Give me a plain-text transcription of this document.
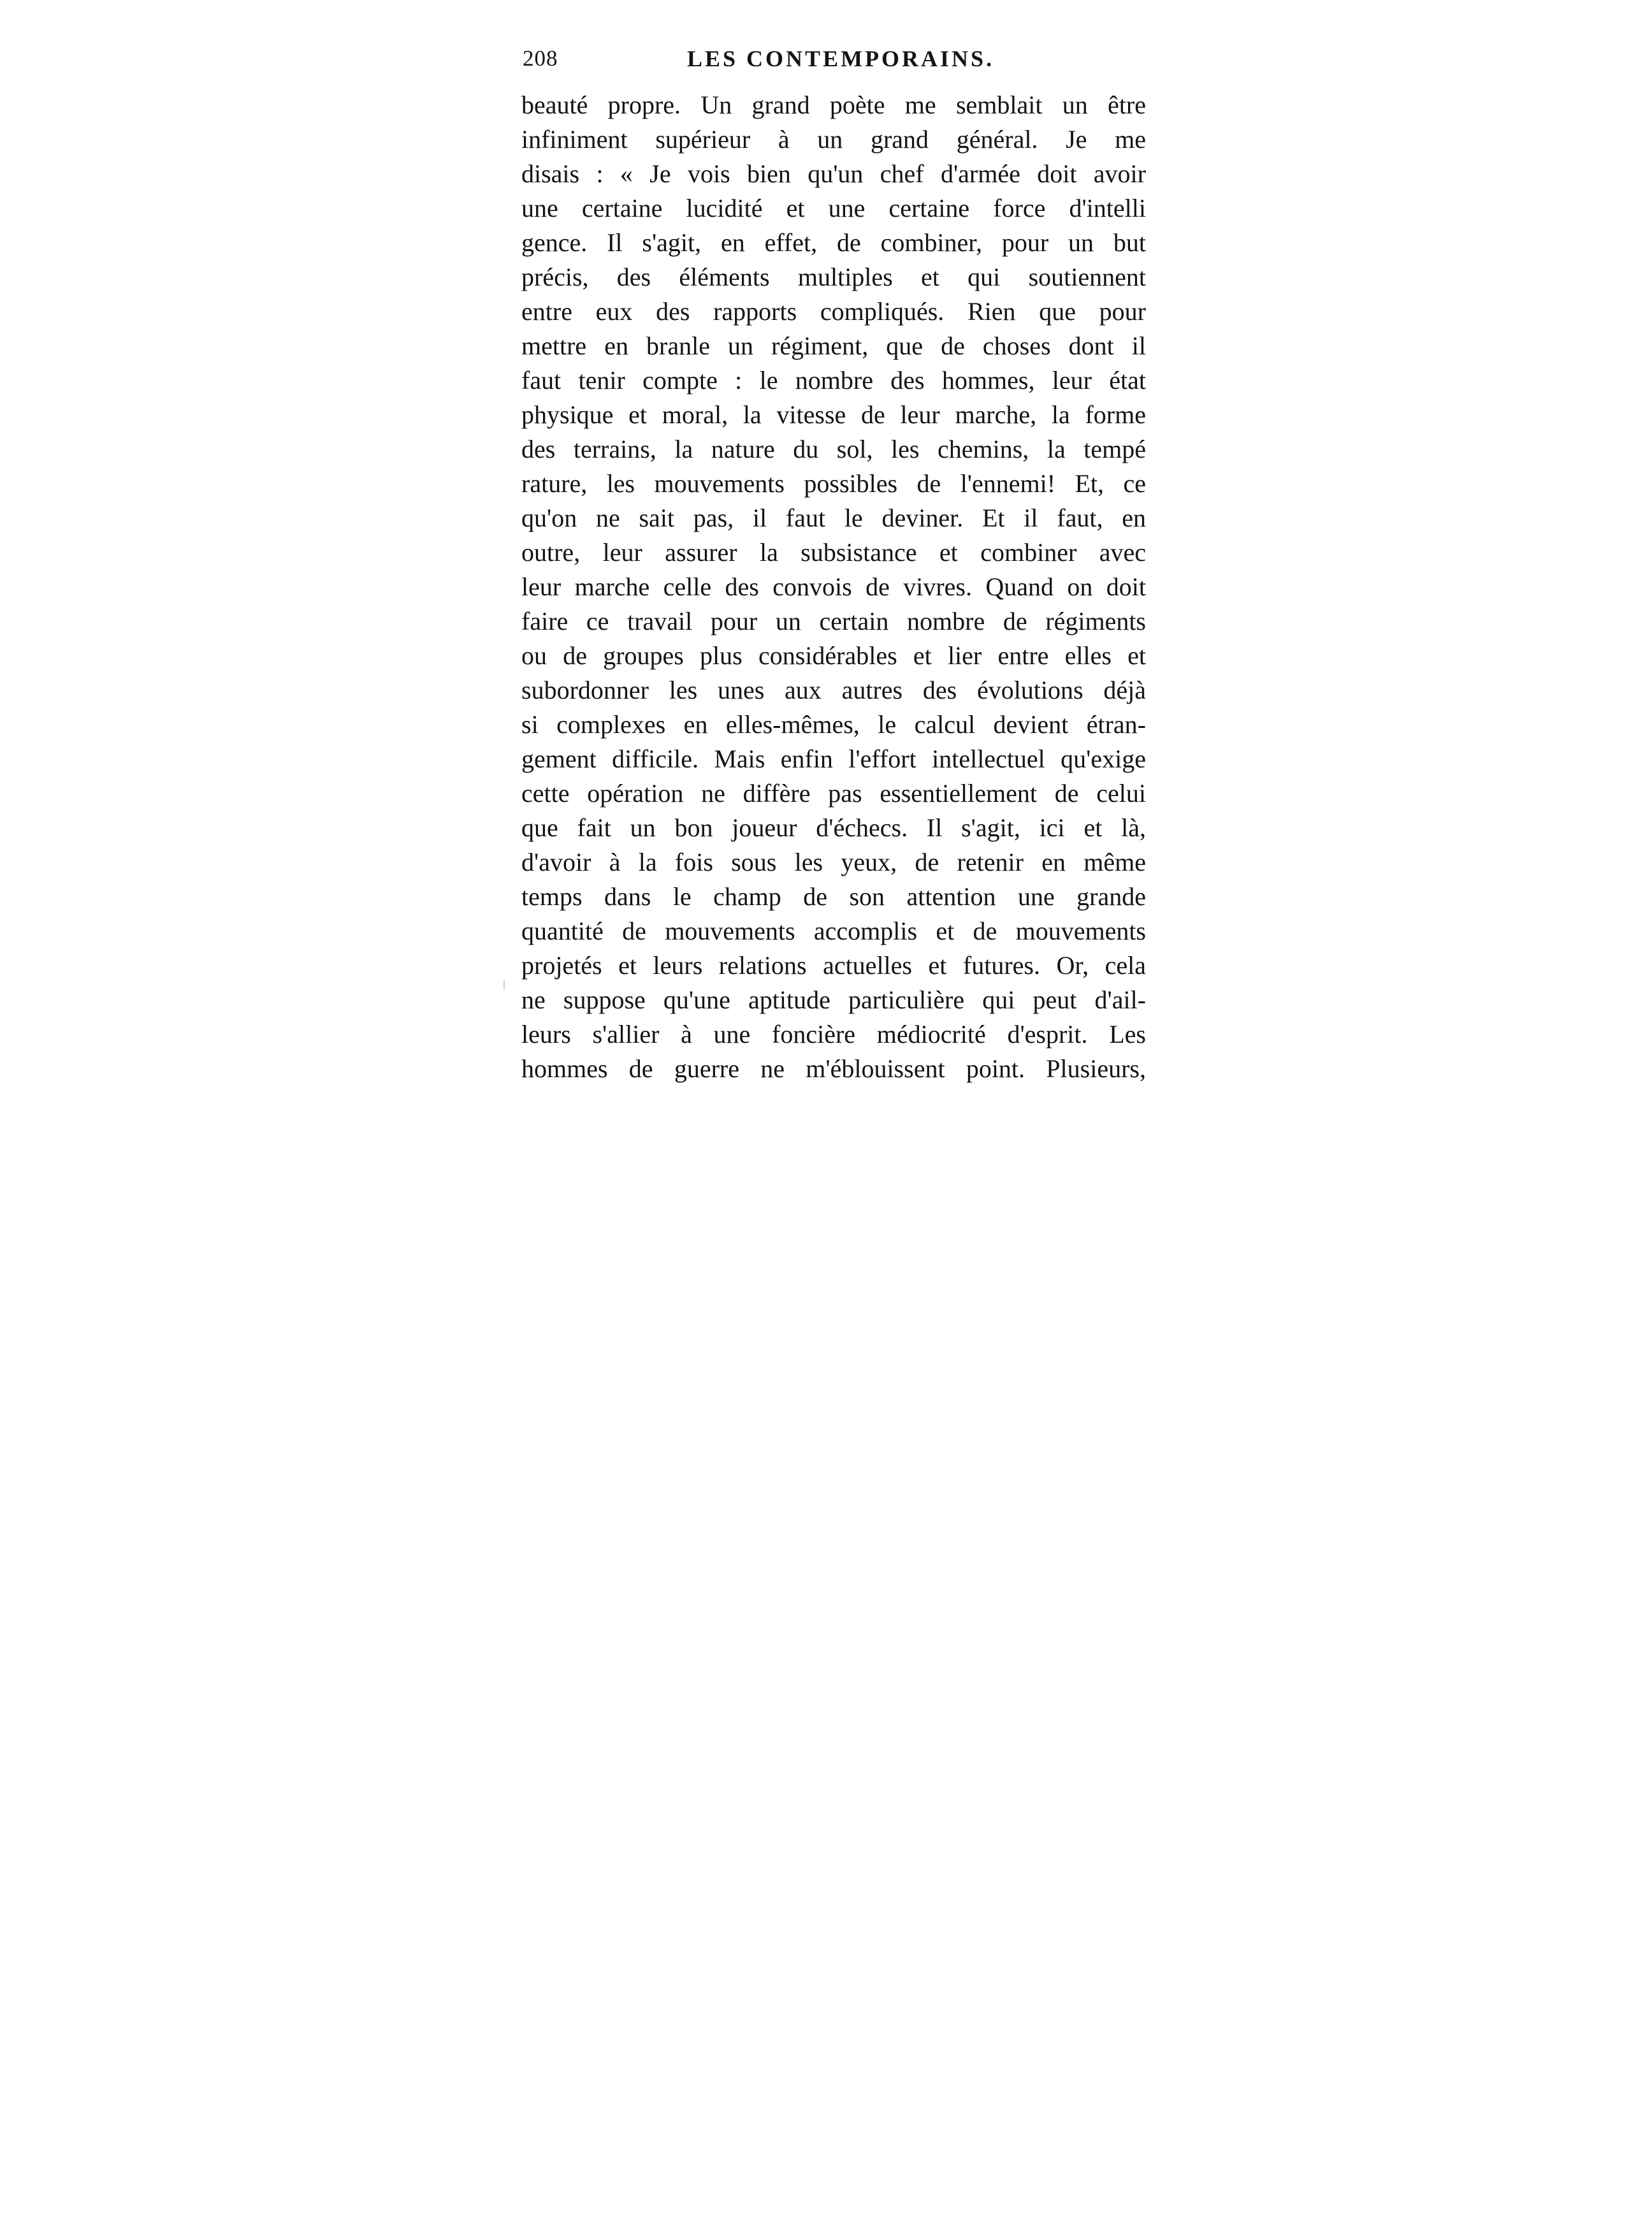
208	LES CONTEMPORAINS.
beauté propre. Un grand poète me semblait un être
infiniment supérieur à un grand général. Je me
disais : « Je vois bien qu'un chef d'armée doit avoir
une certaine lucidité et une certaine force d'intelli
gence. Il s'agit, en effet, de combiner, pour un but
précis, des éléments multiples et qui soutiennent
entre eux des rapports compliqués. Rien que pour
mettre en branle un régiment, que de choses dont il
faut tenir compte : le nombre des hommes, leur état
physique et moral, la vitesse de leur marche, la forme
des terrains, la nature du sol, les chemins, la tempé
rature, les mouvements possibles de l'ennemi! Et, ce
qu'on ne sait pas, il faut le deviner. Et il faut, en
outre, leur assurer la subsistance et combiner avec
leur marche celle des convois de vivres. Quand on doit
faire ce travail pour un certain nombre de régiments
ou de groupes plus considérables et lier entre elles et
subordonner les unes aux autres des évolutions déjà
si complexes en elles-mêmes, le calcul devient étran-
gement difficile. Mais enfin l'effort intellectuel qu'exige
cette opération ne diffère pas essentiellement de celui
que fait un bon joueur d'échecs. Il s'agit, ici et là,
d'avoir à la fois sous les yeux, de retenir en même
temps dans le champ de son attention une grande
quantité de mouvements accomplis et de mouvements
projetés et leurs relations actuelles et futures. Or, cela
ne suppose qu'une aptitude particulière qui peut d'ail-
leurs s'allier à une foncière médiocrité d'esprit. Les
hommes de guerre ne m'éblouissent point. Plusieurs,
